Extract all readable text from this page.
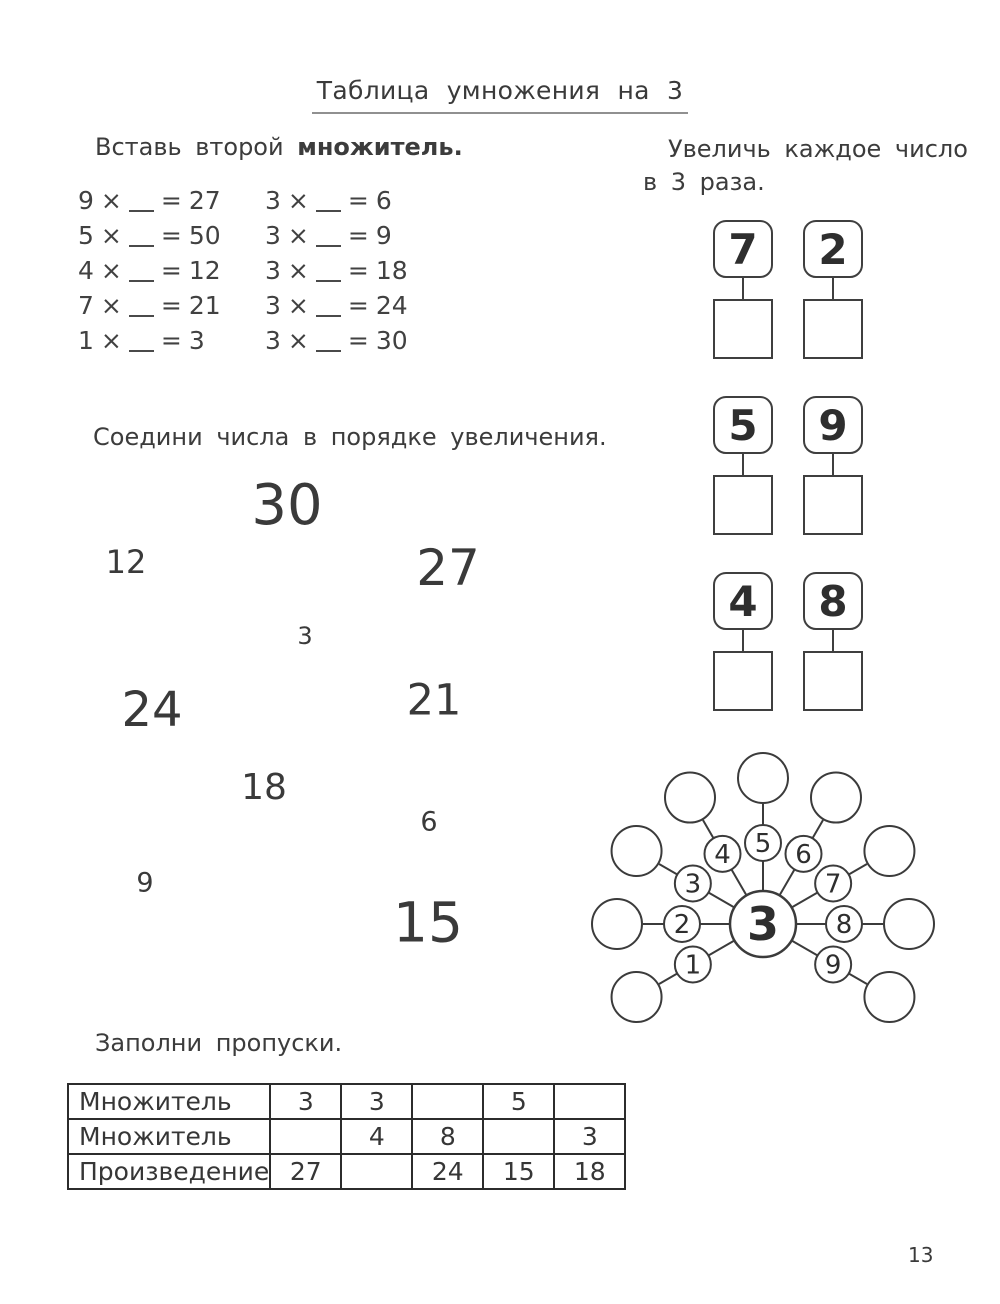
Таблица умножения на 3
Вставь второй множитель.
9 × = 27
5 × = 50
4 × = 12
7 × = 21
1 × = 3
3 × = 6
3 × = 9
3 × = 18
3 × = 24
3 × = 30
Увеличь каждое число
в 3 раза.
7	2
5	9
4	8
Соедини числа в порядке увеличения.
30
12	27
3
24	21
18
6
9
15
1
2
3
4 5 6
7
8
9
3
Заполни пропуски.
Множитель	3	3		5	
Множитель		4	8		3
Произведение	27		24	15	18
13
